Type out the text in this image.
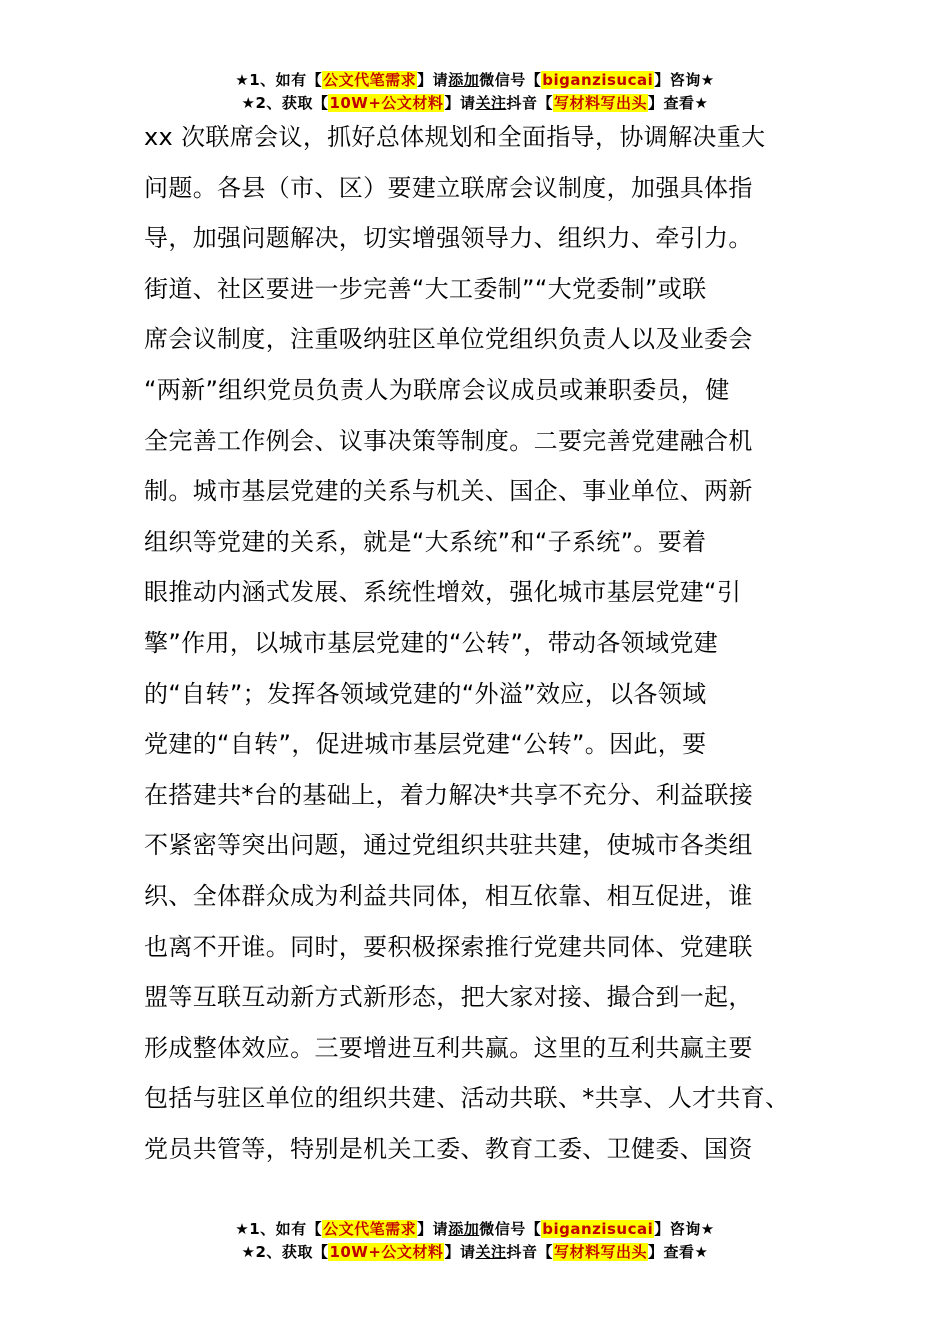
★1、如有【公文代笔需求】请添加微信号【biganzisucai】咨询★
★2、获取【10W+公文材料】请关注抖音【写材料写出头】查看★
xx 次联席会议，抓好总体规划和全面指导，协调解决重大
问题。各县（市、区）要建立联席会议制度，加强具体指
导，加强问题解决，切实增强领导力、组织力、牵引力。
街道、社区要进一步完善“大工委制”“大党委制”或联
席会议制度，注重吸纳驻区单位党组织负责人以及业委会
“两新”组织党员负责人为联席会议成员或兼职委员，健
全完善工作例会、议事决策等制度。二要完善党建融合机
制。城市基层党建的关系与机关、国企、事业单位、两新
组织等党建的关系，就是“大系统”和“子系统”。要着
眼推动内涵式发展、系统性增效，强化城市基层党建“引
擎”作用，以城市基层党建的“公转”，带动各领域党建
的“自转”；发挥各领域党建的“外溢”效应，以各领域
党建的“自转”，促进城市基层党建“公转”。因此，要
在搭建共*台的基础上，着力解决*共享不充分、利益联接
不紧密等突出问题，通过党组织共驻共建，使城市各类组
织、全体群众成为利益共同体，相互依靠、相互促进，谁
也离不开谁。同时，要积极探索推行党建共同体、党建联
盟等互联互动新方式新形态，把大家对接、撮合到一起，
形成整体效应。三要增进互利共赢。这里的互利共赢主要
包括与驻区单位的组织共建、活动共联、*共享、人才共育、
党员共管等，特别是机关工委、教育工委、卫健委、国资
★1、如有【公文代笔需求】请添加微信号【biganzisucai】咨询★
★2、获取【10W+公文材料】请关注抖音【写材料写出头】查看★
